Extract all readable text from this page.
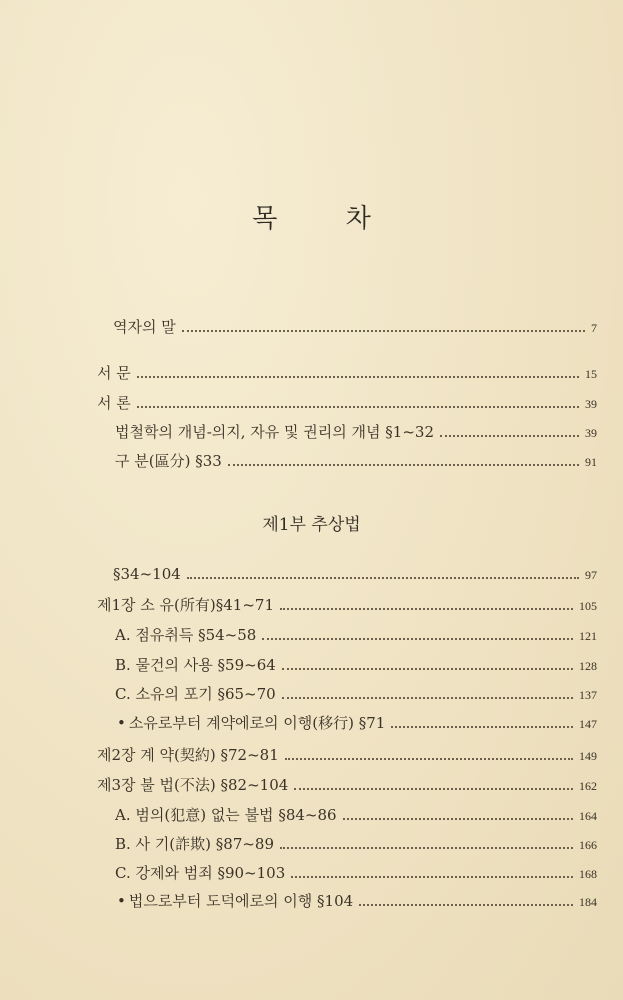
목 차
역자의 말	7
서 문	15
서 론	39
법철학의 개념-의지, 자유 및 권리의 개념 §1~32	39
구 분(區分) §33	91
제1부 추상법
§34~104	97
제1장 소 유(所有)§41~71	105
A. 점유취득 §54~58	121
B. 물건의 사용 §59~64	128
C. 소유의 포기 §65~70	137
• 소유로부터 계약에로의 이행(移行) §71	147
제2장 계 약(契約) §72~81	149
제3장 불 법(不法) §82~104	162
A. 범의(犯意) 없는 불법 §84~86	164
B. 사 기(詐欺) §87~89	166
C. 강제와 범죄 §90~103	168
• 법으로부터 도덕에로의 이행 §104	184
